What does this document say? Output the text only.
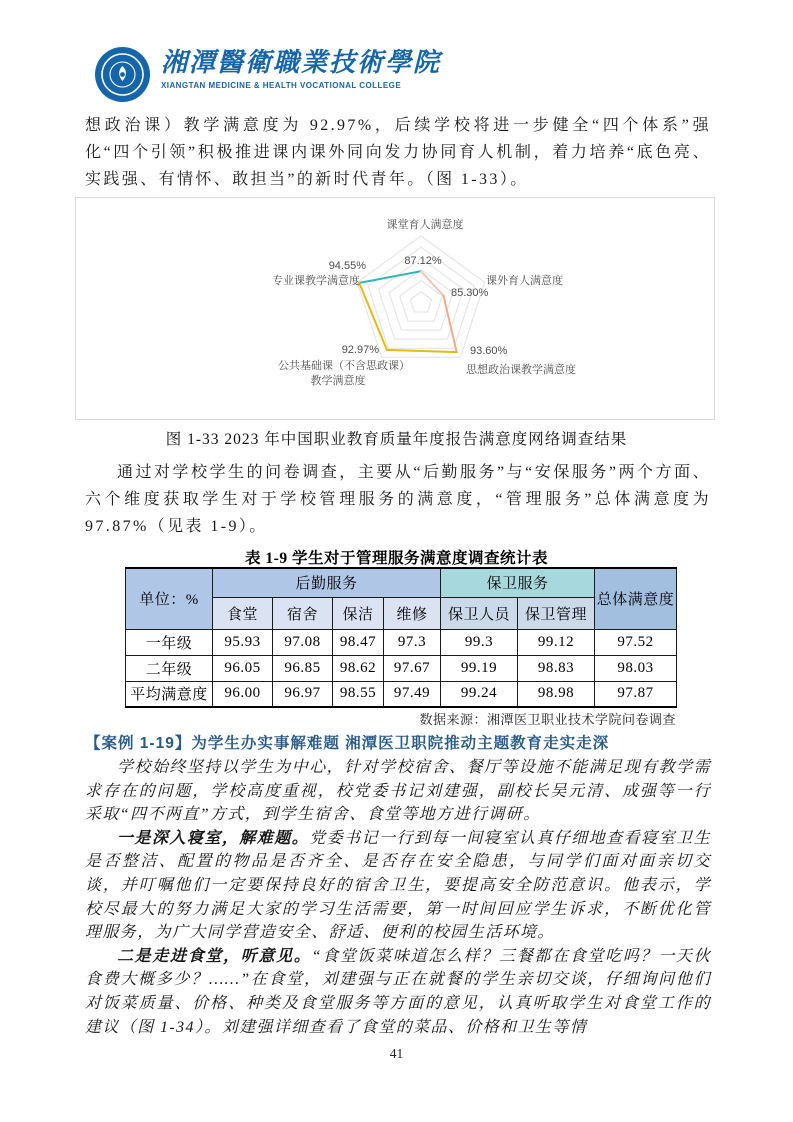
湘潭醫衛職業技術學院
XIANGTAN MEDICINE & HEALTH VOCATIONAL COLLEGE

想政治课）教学满意度为 92.97%，后续学校将进一步健全“四个体系”强化“四个引领”积极推进课内课外同向发力协同育人机制，着力培养“底色亮、实践强、有情怀、敢担当”的新时代青年。（图 1-33）。

87.12%
85.30%
93.60%
92.97%
94.55%
课堂育人满意度
课外育人满意度
思想政治课教学满意度
公共基础课（不含思政课）
教学满意度
专业课教学满意度
图 1-33 2023 年中国职业教育质量年度报告满意度网络调查结果

通过对学校学生的问卷调查，主要从“后勤服务”与“安保服务”两个方面、六个维度获取学生对于学校管理服务的满意度，“管理服务”总体满意度为 97.87%（见表 1-9）。

表 1-9 学生对于管理服务满意度调查统计表
单位：%	后勤服务				保卫服务		总体满意度
	食堂	宿舍	保洁	维修	保卫人员	保卫管理	
一年级	95.93	97.08	98.47	97.3	99.3	99.12	97.52
二年级	96.05	96.85	98.62	97.67	99.19	98.83	98.03
平均满意度	96.00	96.97	98.55	97.49	99.24	98.98	97.87
数据来源：湘潭医卫职业技术学院问卷调查
【案例 1-19】为学生办实事解难题 湘潭医卫职院推动主题教育走实走深

学校始终坚持以学生为中心，针对学校宿舍、餐厅等设施不能满足现有教学需求存在的问题，学校高度重视，校党委书记刘建强，副校长吴元清、成强等一行采取“四不两直”方式，到学生宿舍、食堂等地方进行调研。

一是深入寝室，解难题。党委书记一行到每一间寝室认真仔细地查看寝室卫生是否整洁、配置的物品是否齐全、是否存在安全隐患，与同学们面对面亲切交谈，并叮嘱他们一定要保持良好的宿舍卫生，要提高安全防范意识。他表示，学校尽最大的努力满足大家的学习生活需要，第一时间回应学生诉求，不断优化管理服务，为广大同学营造安全、舒适、便利的校园生活环境。

二是走进食堂，听意见。“食堂饭菜味道怎么样？三餐都在食堂吃吗？一天伙食费大概多少？……”在食堂，刘建强与正在就餐的学生亲切交谈，仔细询问他们对饭菜质量、价格、种类及食堂服务等方面的意见，认真听取学生对食堂工作的建议（图 1-34）。刘建强详细查看了食堂的菜品、价格和卫生等情

41
